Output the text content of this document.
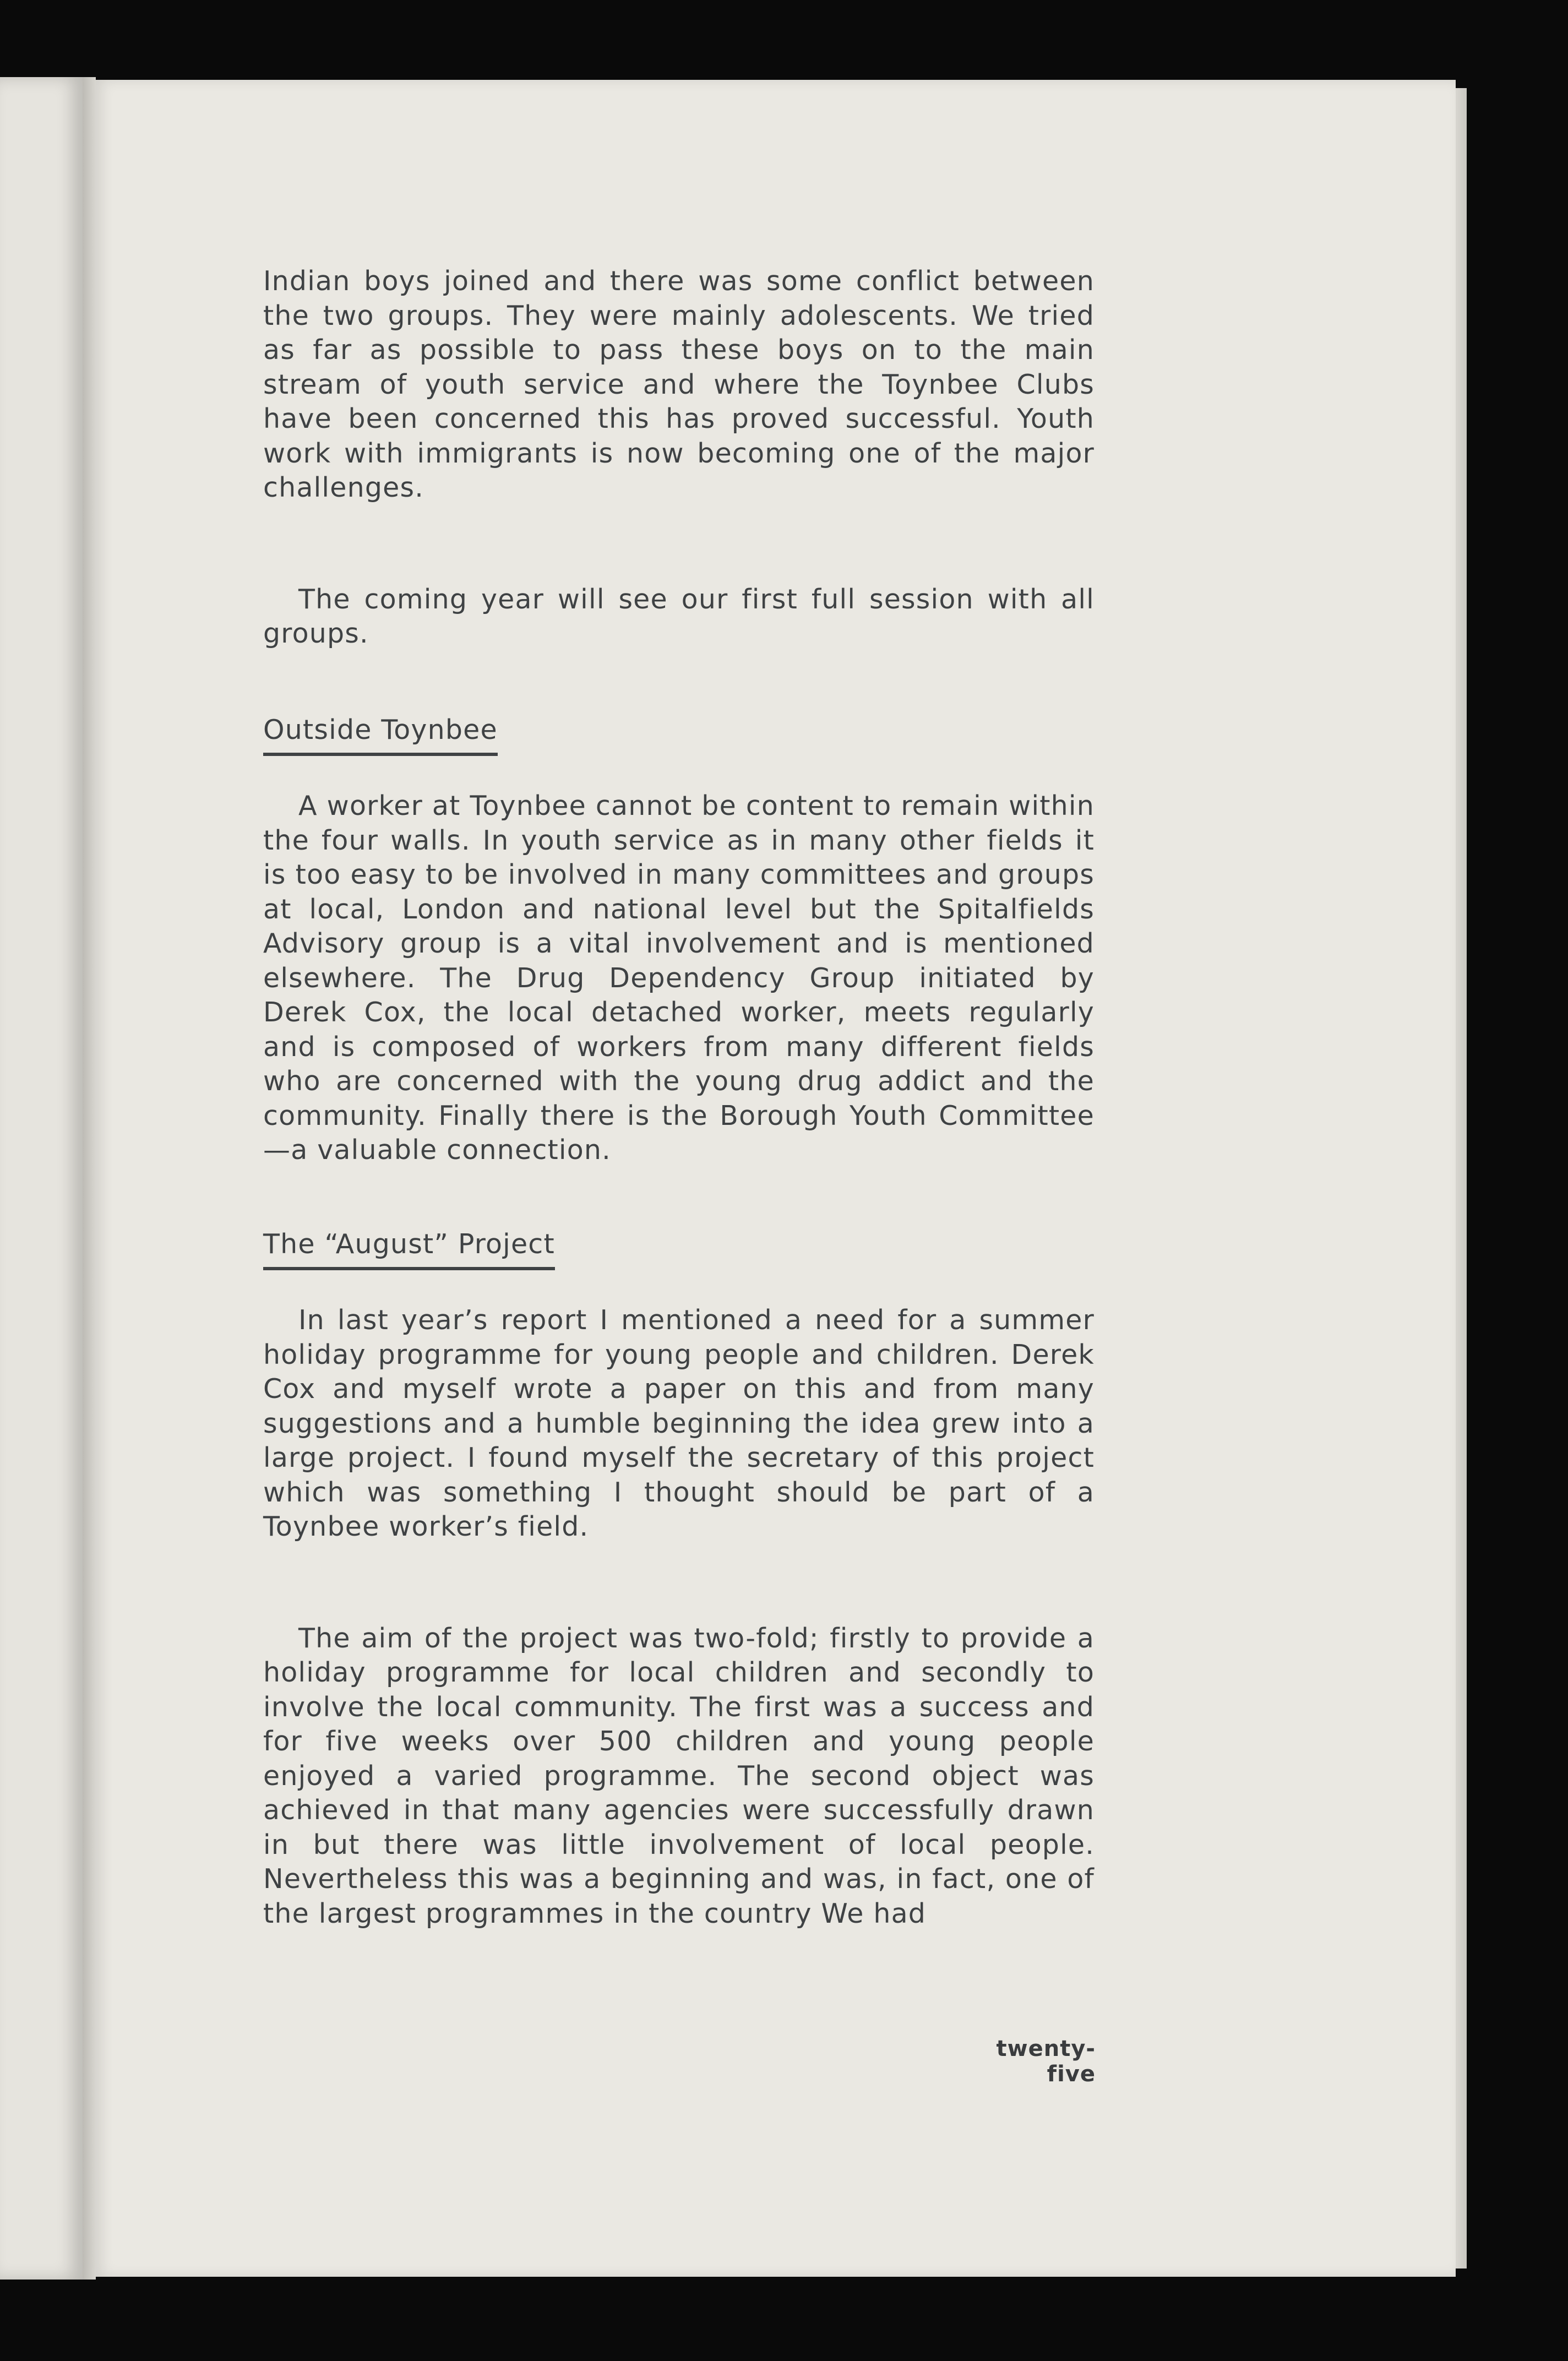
Indian boys joined and there was some conflict between the two groups. They were mainly adolescents. We tried as far as possible to pass these boys on to the main stream of youth service and where the Toynbee Clubs have been concerned this has proved successful. Youth work with immigrants is now becoming one of the major challenges.

The coming year will see our first full session with all groups.

Outside Toynbee

A worker at Toynbee cannot be content to remain within the four walls. In youth service as in many other fields it is too easy to be involved in many committees and groups at local, London and national level but the Spitalfields Advisory group is a vital involvement and is mentioned elsewhere. The Drug Dependency Group initiated by Derek Cox, the local detached worker, meets regularly and is composed of workers from many different fields who are concerned with the young drug addict and the community. Finally there is the Borough Youth Committee—a valuable connection.

The “August” Project

In last year’s report I mentioned a need for a summer holiday programme for young people and children. Derek Cox and myself wrote a paper on this and from many suggestions and a humble beginning the idea grew into a large project. I found myself the secretary of this project which was something I thought should be part of a Toynbee worker’s field.

The aim of the project was two-fold; firstly to provide a holiday programme for local children and secondly to involve the local community. The first was a success and for five weeks over 500 children and young people enjoyed a varied programme. The second object was achieved in that many agencies were successfully drawn in but there was little involvement of local people. Nevertheless this was a beginning and was, in fact, one of the largest programmes in the country We had

twenty-five
